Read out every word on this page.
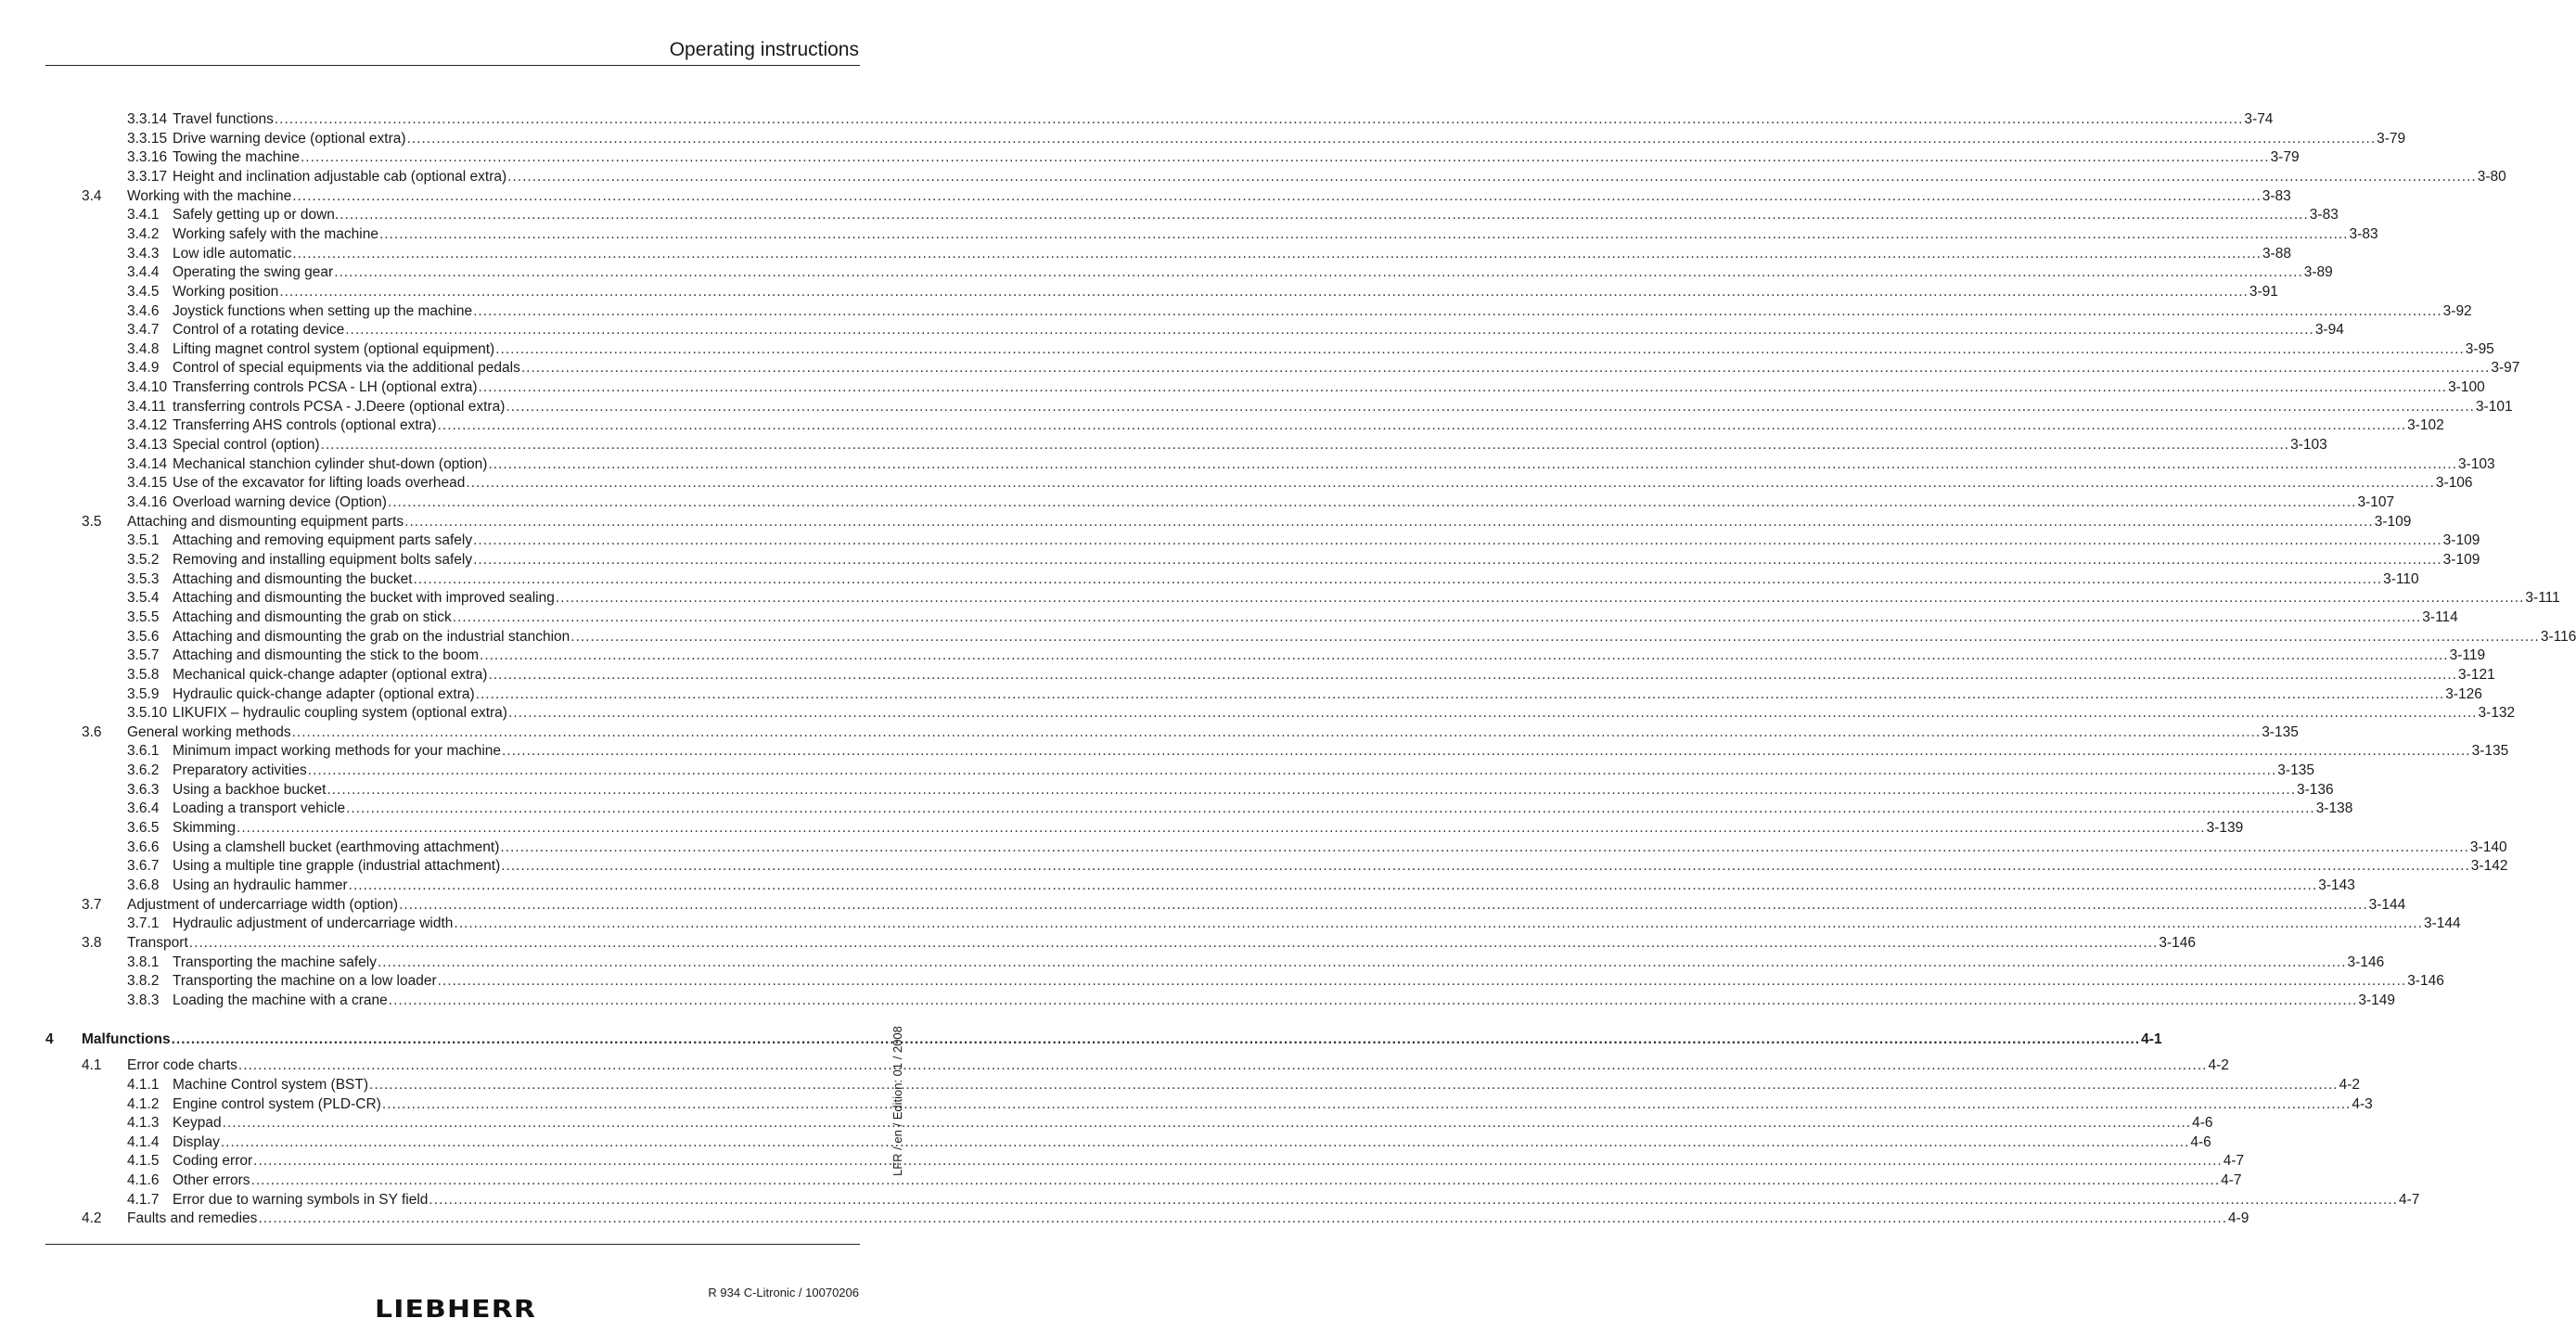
Operating instructions
3.3.14 Travel functions ................................................................................................................................................................................................................................................................................................................................................................................................................ 3-74
3.3.15 Drive warning device (optional extra) ................................................................................................................................................................................................................................................................................................................................................................................................................ 3-79
3.3.16 Towing the machine ................................................................................................................................................................................................................................................................................................................................................................................................................ 3-79
3.3.17 Height and inclination adjustable cab (optional extra) ................................................................................................................................................................................................................................................................................................................................................................................................................ 3-80
3.4 Working with the machine ................................................................................................................................................................................................................................................................................................................................................................................................................ 3-83
3.4.1 Safely getting up or down. ................................................................................................................................................................................................................................................................................................................................................................................................................ 3-83
3.4.2 Working safely with the machine ................................................................................................................................................................................................................................................................................................................................................................................................................ 3-83
3.4.3 Low idle automatic ................................................................................................................................................................................................................................................................................................................................................................................................................ 3-88
3.4.4 Operating the swing gear ................................................................................................................................................................................................................................................................................................................................................................................................................ 3-89
3.4.5 Working position ................................................................................................................................................................................................................................................................................................................................................................................................................ 3-91
3.4.6 Joystick functions when setting up the machine ................................................................................................................................................................................................................................................................................................................................................................................................................ 3-92
3.4.7 Control of a rotating device ................................................................................................................................................................................................................................................................................................................................................................................................................ 3-94
3.4.8 Lifting magnet control system (optional equipment) ................................................................................................................................................................................................................................................................................................................................................................................................................ 3-95
3.4.9 Control of special equipments via the additional pedals ................................................................................................................................................................................................................................................................................................................................................................................................................ 3-97
3.4.10 Transferring controls PCSA - LH (optional extra) ................................................................................................................................................................................................................................................................................................................................................................................................................ 3-100
3.4.11 transferring controls PCSA - J.Deere (optional extra) ................................................................................................................................................................................................................................................................................................................................................................................................................ 3-101
3.4.12 Transferring AHS controls (optional extra) ................................................................................................................................................................................................................................................................................................................................................................................................................ 3-102
3.4.13 Special control (option) ................................................................................................................................................................................................................................................................................................................................................................................................................ 3-103
3.4.14 Mechanical stanchion cylinder shut-down (option) ................................................................................................................................................................................................................................................................................................................................................................................................................ 3-103
3.4.15 Use of the excavator for lifting loads overhead ................................................................................................................................................................................................................................................................................................................................................................................................................ 3-106
3.4.16 Overload warning device (Option) ................................................................................................................................................................................................................................................................................................................................................................................................................ 3-107
3.5 Attaching and dismounting equipment parts ................................................................................................................................................................................................................................................................................................................................................................................................................ 3-109
3.5.1 Attaching and removing equipment parts safely ................................................................................................................................................................................................................................................................................................................................................................................................................ 3-109
3.5.2 Removing and installing equipment bolts safely ................................................................................................................................................................................................................................................................................................................................................................................................................ 3-109
3.5.3 Attaching and dismounting the bucket ................................................................................................................................................................................................................................................................................................................................................................................................................ 3-110
3.5.4 Attaching and dismounting the bucket with improved sealing ................................................................................................................................................................................................................................................................................................................................................................................................................ 3-111
3.5.5 Attaching and dismounting the grab on stick ................................................................................................................................................................................................................................................................................................................................................................................................................ 3-114
3.5.6 Attaching and dismounting the grab on the industrial stanchion ................................................................................................................................................................................................................................................................................................................................................................................................................ 3-116
3.5.7 Attaching and dismounting the stick to the boom ................................................................................................................................................................................................................................................................................................................................................................................................................ 3-119
3.5.8 Mechanical quick-change adapter (optional extra) ................................................................................................................................................................................................................................................................................................................................................................................................................ 3-121
3.5.9 Hydraulic quick-change adapter (optional extra) ................................................................................................................................................................................................................................................................................................................................................................................................................ 3-126
3.5.10 LIKUFIX – hydraulic coupling system (optional extra) ................................................................................................................................................................................................................................................................................................................................................................................................................ 3-132
3.6 General working methods ................................................................................................................................................................................................................................................................................................................................................................................................................ 3-135
3.6.1 Minimum impact working methods for your machine ................................................................................................................................................................................................................................................................................................................................................................................................................ 3-135
3.6.2 Preparatory activities ................................................................................................................................................................................................................................................................................................................................................................................................................ 3-135
3.6.3 Using a backhoe bucket ................................................................................................................................................................................................................................................................................................................................................................................................................ 3-136
3.6.4 Loading a transport vehicle ................................................................................................................................................................................................................................................................................................................................................................................................................ 3-138
3.6.5 Skimming ................................................................................................................................................................................................................................................................................................................................................................................................................ 3-139
3.6.6 Using a clamshell bucket (earthmoving attachment) ................................................................................................................................................................................................................................................................................................................................................................................................................ 3-140
3.6.7 Using a multiple tine grapple (industrial attachment) ................................................................................................................................................................................................................................................................................................................................................................................................................ 3-142
3.6.8 Using an hydraulic hammer ................................................................................................................................................................................................................................................................................................................................................................................................................ 3-143
3.7 Adjustment of undercarriage width (option) ................................................................................................................................................................................................................................................................................................................................................................................................................ 3-144
3.7.1 Hydraulic adjustment of undercarriage width ................................................................................................................................................................................................................................................................................................................................................................................................................ 3-144
3.8 Transport ................................................................................................................................................................................................................................................................................................................................................................................................................ 3-146
3.8.1 Transporting the machine safely ................................................................................................................................................................................................................................................................................................................................................................................................................ 3-146
3.8.2 Transporting the machine on a low loader ................................................................................................................................................................................................................................................................................................................................................................................................................ 3-146
3.8.3 Loading the machine with a crane ................................................................................................................................................................................................................................................................................................................................................................................................................ 3-149
4 Malfunctions ................................................................................................................................................................................................................................................................................................................................................................................................................ 4-1
4.1 Error code charts ................................................................................................................................................................................................................................................................................................................................................................................................................ 4-2
4.1.1 Machine Control system (BST) ................................................................................................................................................................................................................................................................................................................................................................................................................ 4-2
4.1.2 Engine control system (PLD-CR) ................................................................................................................................................................................................................................................................................................................................................................................................................ 4-3
4.1.3 Keypad ................................................................................................................................................................................................................................................................................................................................................................................................................ 4-6
4.1.4 Display ................................................................................................................................................................................................................................................................................................................................................................................................................ 4-6
4.1.5 Coding error ................................................................................................................................................................................................................................................................................................................................................................................................................ 4-7
4.1.6 Other errors ................................................................................................................................................................................................................................................................................................................................................................................................................ 4-7
4.1.7 Error due to warning symbols in SY field ................................................................................................................................................................................................................................................................................................................................................................................................................ 4-7
4.2 Faults and remedies ................................................................................................................................................................................................................................................................................................................................................................................................................ 4-9
LFR / en / Edition: 01 / 2008
R 934 C-Litronic / 10070206
LIEBHERR
